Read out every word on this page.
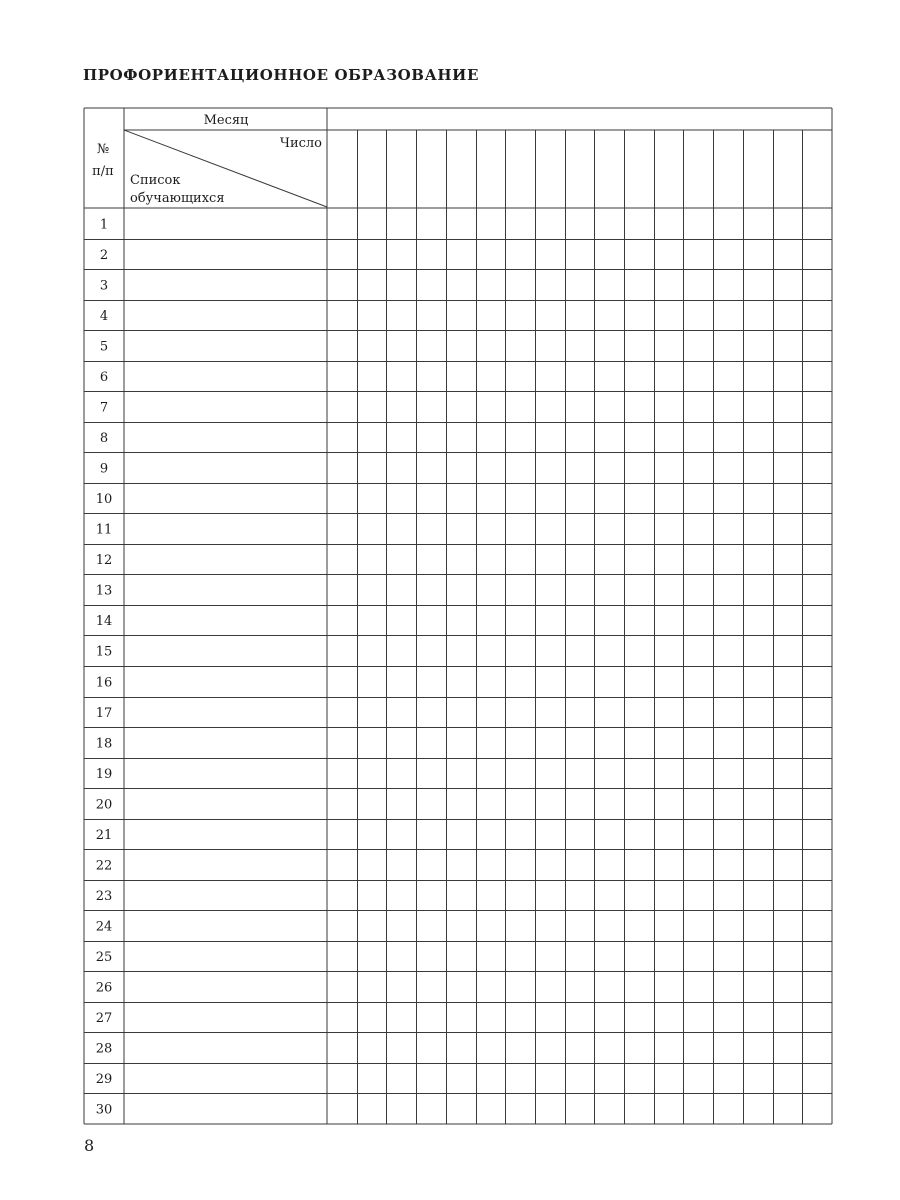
ПРОФОРИЕНТАЦИОННОЕ ОБРАЗОВАНИЕ
№
п/п
Месяц
Число
Список
обучающихся
1
2
3
4
5
6
7
8
9
10
11
12
13
14
15
16
17
18
19
20
21
22
23
24
25
26
27
28
29
30
8
